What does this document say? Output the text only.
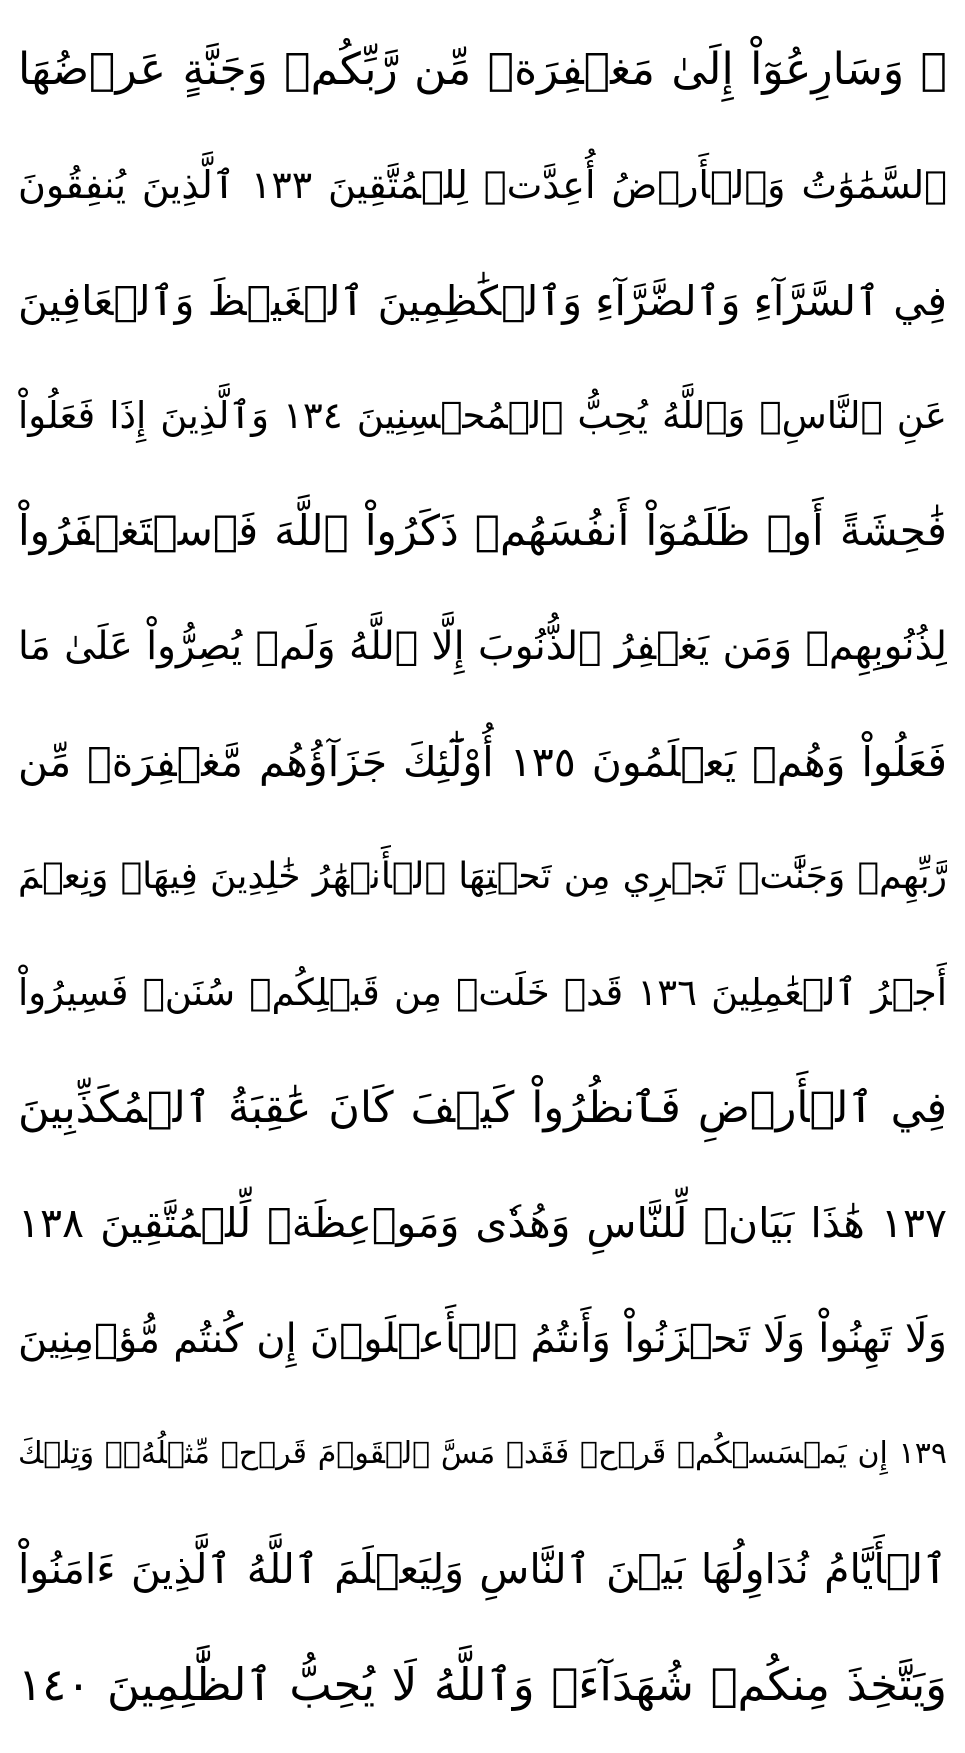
۞ وَسَارِعُوٓاْ إِلَىٰ مَغۡفِرَةٖ مِّن رَّبِّكُمۡ وَجَنَّةٍ عَرۡضُهَا
ٱلسَّمَٰوَٰتُ وَٱلۡأَرۡضُ أُعِدَّتۡ لِلۡمُتَّقِينَ ١٣٣ ٱلَّذِينَ يُنفِقُونَ
فِي ٱلسَّرَّآءِ وَٱلضَّرَّآءِ وَٱلۡكَٰظِمِينَ ٱلۡغَيۡظَ وَٱلۡعَافِينَ
عَنِ ٱلنَّاسِۗ وَٱللَّهُ يُحِبُّ ٱلۡمُحۡسِنِينَ ١٣٤ وَٱلَّذِينَ إِذَا فَعَلُواْ
فَٰحِشَةً أَوۡ ظَلَمُوٓاْ أَنفُسَهُمۡ ذَكَرُواْ ٱللَّهَ فَٱسۡتَغۡفَرُواْ
لِذُنُوبِهِمۡ وَمَن يَغۡفِرُ ٱلذُّنُوبَ إِلَّا ٱللَّهُ وَلَمۡ يُصِرُّواْ عَلَىٰ مَا
فَعَلُواْ وَهُمۡ يَعۡلَمُونَ ١٣٥ أُوْلَٰٓئِكَ جَزَآؤُهُم مَّغۡفِرَةٞ مِّن
رَّبِّهِمۡ وَجَنَّٰتٞ تَجۡرِي مِن تَحۡتِهَا ٱلۡأَنۡهَٰرُ خَٰلِدِينَ فِيهَاۚ وَنِعۡمَ
أَجۡرُ ٱلۡعَٰمِلِينَ ١٣٦ قَدۡ خَلَتۡ مِن قَبۡلِكُمۡ سُنَنٞ فَسِيرُواْ
فِي ٱلۡأَرۡضِ فَٱنظُرُواْ كَيۡفَ كَانَ عَٰقِبَةُ ٱلۡمُكَذِّبِينَ
١٣٧ هَٰذَا بَيَانٞ لِّلنَّاسِ وَهُدٗى وَمَوۡعِظَةٞ لِّلۡمُتَّقِينَ ١٣٨
وَلَا تَهِنُواْ وَلَا تَحۡزَنُواْ وَأَنتُمُ ٱلۡأَعۡلَوۡنَ إِن كُنتُم مُّؤۡمِنِينَ
١٣٩ إِن يَمۡسَسۡكُمۡ قَرۡحٞ فَقَدۡ مَسَّ ٱلۡقَوۡمَ قَرۡحٞ مِّثۡلُهُۥۚ وَتِلۡكَ
ٱلۡأَيَّامُ نُدَاوِلُهَا بَيۡنَ ٱلنَّاسِ وَلِيَعۡلَمَ ٱللَّهُ ٱلَّذِينَ ءَامَنُواْ
وَيَتَّخِذَ مِنكُمۡ شُهَدَآءَۗ وَٱللَّهُ لَا يُحِبُّ ٱلظَّٰلِمِينَ ١٤٠
